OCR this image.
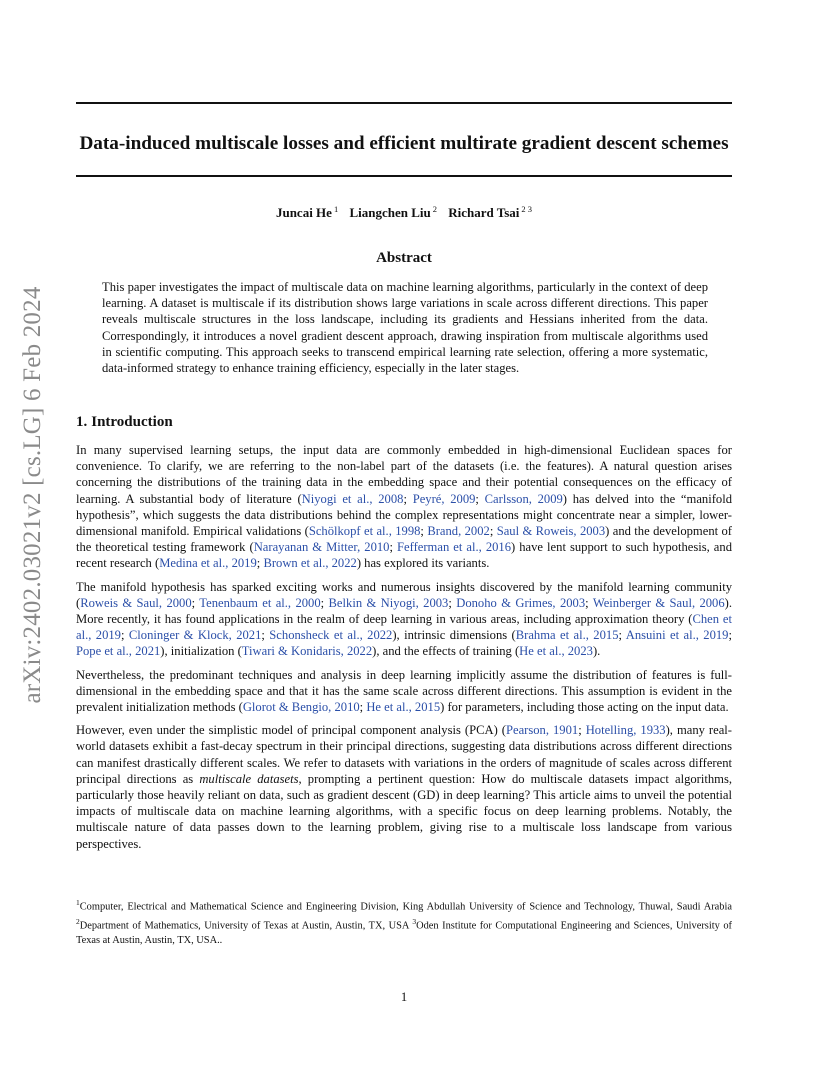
arXiv:2402.03021v2 [cs.LG] 6 Feb 2024
Data-induced multiscale losses and efficient multirate gradient descent schemes
Juncai He $^1$ Liangchen Liu $^2$ Richard Tsai $^{2 3}$
Abstract
This paper investigates the impact of multiscale data on machine learning algorithms, particularly in the context of deep learning. A dataset is multiscale if its distribution shows large variations in scale across different directions. This paper reveals multiscale structures in the loss landscape, including its gradients and Hessians inherited from the data. Correspondingly, it introduces a novel gradient descent approach, drawing inspiration from multiscale algorithms used in scientific computing. This approach seeks to transcend empirical learning rate selection, offering a more systematic, data-informed strategy to enhance training efficiency, especially in the later stages.
1. Introduction

In many supervised learning setups, the input data are commonly embedded in high-dimensional Euclidean spaces for convenience. To clarify, we are referring to the non-label part of the datasets (i.e. the features). A natural question arises concerning the distributions of the training data in the embedding space and their potential consequences on the efficacy of learning. A substantial body of literature (Niyogi et al., 2008; Peyré, 2009; Carlsson, 2009) has delved into the “manifold hypothesis”, which suggests the data distributions behind the complex representations might concentrate near a simpler, lower-dimensional manifold. Empirical validations (Schölkopf et al., 1998; Brand, 2002; Saul & Roweis, 2003) and the development of the theoretical testing framework (Narayanan & Mitter, 2010; Fefferman et al., 2016) have lent support to such hypothesis, and recent research (Medina et al., 2019; Brown et al., 2022) has explored its variants.

The manifold hypothesis has sparked exciting works and numerous insights discovered by the manifold learning community (Roweis & Saul, 2000; Tenenbaum et al., 2000; Belkin & Niyogi, 2003; Donoho & Grimes, 2003; Weinberger & Saul, 2006). More recently, it has found applications in the realm of deep learning in various areas, including approximation theory (Chen et al., 2019; Cloninger & Klock, 2021; Schonsheck et al., 2022), intrinsic dimensions (Brahma et al., 2015; Ansuini et al., 2019; Pope et al., 2021), initialization (Tiwari & Konidaris, 2022), and the effects of training (He et al., 2023).

Nevertheless, the predominant techniques and analysis in deep learning implicitly assume the distribution of features is full-dimensional in the embedding space and that it has the same scale across different directions. This assumption is evident in the prevalent initialization methods (Glorot & Bengio, 2010; He et al., 2015) for parameters, including those acting on the input data.

However, even under the simplistic model of principal component analysis (PCA) (Pearson, 1901; Hotelling, 1933), many real-world datasets exhibit a fast-decay spectrum in their principal directions, suggesting data distributions across different directions can manifest drastically different scales. We refer to datasets with variations in the orders of magnitude of scales across different principal directions as multiscale datasets, prompting a pertinent question: How do multiscale datasets impact algorithms, particularly those heavily reliant on data, such as gradient descent (GD) in deep learning? This article aims to unveil the potential impacts of multiscale data on machine learning algorithms, with a specific focus on deep learning problems. Notably, the multiscale nature of data passes down to the learning problem, giving rise to a multiscale loss landscape from various perspectives.

$^1$Computer, Electrical and Mathematical Science and Engineering Division, King Abdullah University of Science and Technology, Thuwal, Saudi Arabia $^2$Department of Mathematics, University of Texas at Austin, Austin, TX, USA $^3$Oden Institute for Computational Engineering and Sciences, University of Texas at Austin, Austin, TX, USA..
1
